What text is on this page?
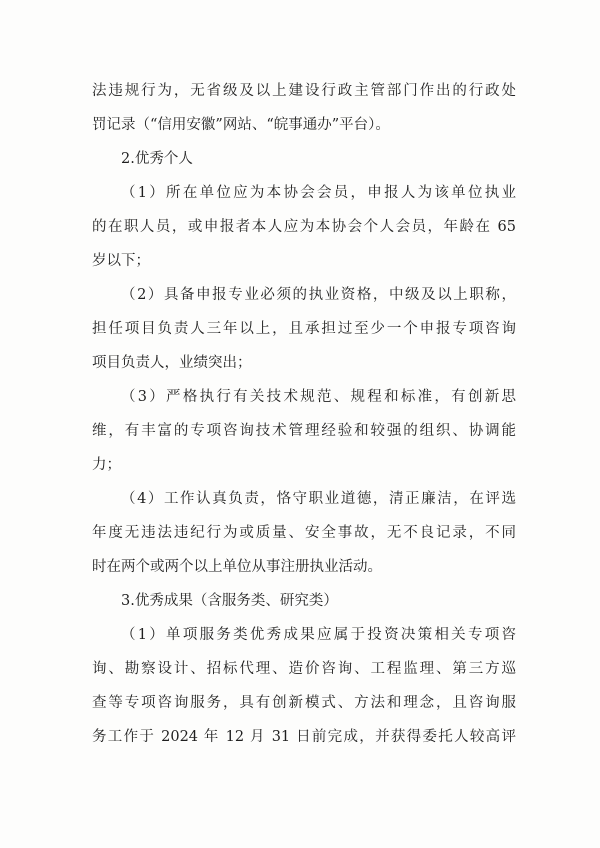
法违规行为，无省级及以上建设行政主管部门作出的行政处
罚记录（“信用安徽”网站、“皖事通办”平台）。
2.优秀个人
（1）所在单位应为本协会会员，申报人为该单位执业
的在职人员，或申报者本人应为本协会个人会员，年龄在 65
岁以下；
（2）具备申报专业必须的执业资格，中级及以上职称，
担任项目负责人三年以上，且承担过至少一个申报专项咨询
项目负责人，业绩突出；
（3）严格执行有关技术规范、规程和标准，有创新思
维，有丰富的专项咨询技术管理经验和较强的组织、协调能
力；
（4）工作认真负责，恪守职业道德，清正廉洁，在评选
年度无违法违纪行为或质量、安全事故，无不良记录，不同
时在两个或两个以上单位从事注册执业活动。
3.优秀成果（含服务类、研究类）
（1）单项服务类优秀成果应属于投资决策相关专项咨
询、勘察设计、招标代理、造价咨询、工程监理、第三方巡
查等专项咨询服务，具有创新模式、方法和理念，且咨询服
务工作于 2024 年 12 月 31 日前完成，并获得委托人较高评
